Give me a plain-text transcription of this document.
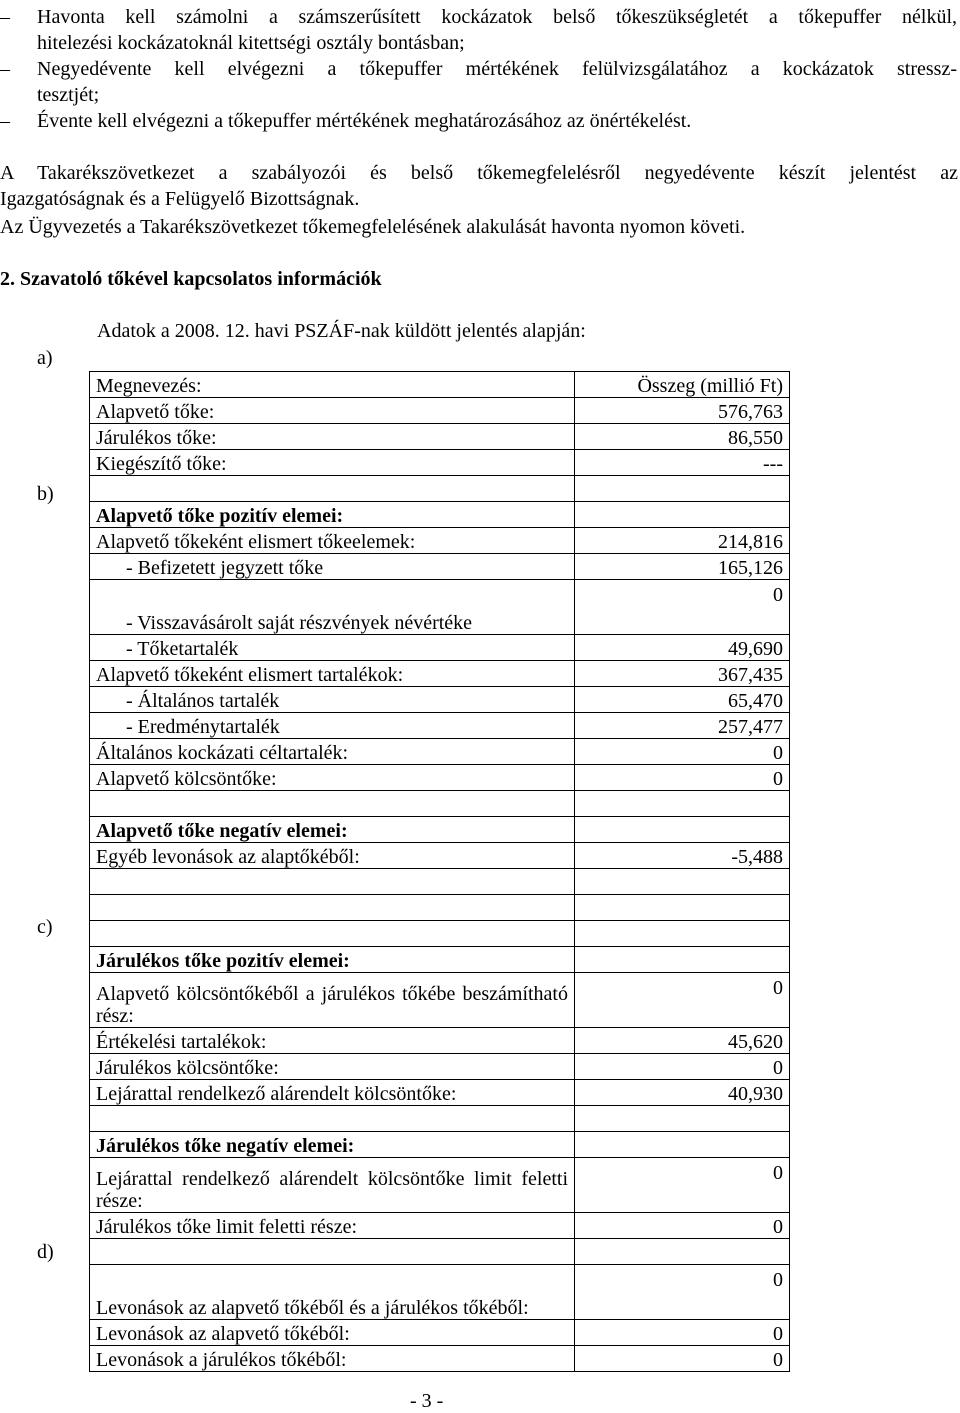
– Havonta kell számolni a számszerűsített kockázatok belső tőkeszükségletét a tőkepuffer nélkül,
hitelezési kockázatoknál kitettségi osztály bontásban;
– Negyedévente kell elvégezni a tőkepuffer mértékének felülvizsgálatához a kockázatok stressz-
tesztjét;
– Évente kell elvégezni a tőkepuffer mértékének meghatározásához az önértékelést.
A Takarékszövetkezet a szabályozói és belső tőkemegfelelésről negyedévente készít jelentést az
Igazgatóságnak és a Felügyelő Bizottságnak.
Az Ügyvezetés a Takarékszövetkezet tőkemegfelelésének alakulását havonta nyomon követi.
2. Szavatoló tőkével kapcsolatos információk
Adatok a 2008. 12. havi PSZÁF-nak küldött jelentés alapján:
a)
b)
c)
d)
Megnevezés:	Összeg (millió Ft)
Alapvető tőke:	576,763
Járulékos tőke:	86,550
Kiegészítő tőke:	---

Alapvető tőke pozitív elemei:	
Alapvető tőkeként elismert tőkeelemek:	214,816
- Befizetett jegyzett tőke	165,126
- Visszavásárolt saját részvények névértéke	0
- Tőketartalék	49,690
Alapvető tőkeként elismert tartalékok:	367,435
- Általános tartalék	65,470
- Eredménytartalék	257,477
Általános kockázati céltartalék:	0
Alapvető kölcsöntőke:	0

Alapvető tőke negatív elemei:	
Egyéb levonások az alaptőkéből:	-5,488

Járulékos tőke pozitív elemei:	
Alapvető kölcsöntőkéből a járulékos tőkébe beszámítható rész:	0
Értékelési tartalékok:	45,620
Járulékos kölcsöntőke:	0
Lejárattal rendelkező alárendelt kölcsöntőke:	40,930

Járulékos tőke negatív elemei:	
Lejárattal rendelkező alárendelt kölcsöntőke limit feletti része:	0
Járulékos tőke limit feletti része:	0

Levonások az alapvető tőkéből és a járulékos tőkéből:	0
Levonások az alapvető tőkéből:	0
Levonások a járulékos tőkéből:	0
- 3 -
